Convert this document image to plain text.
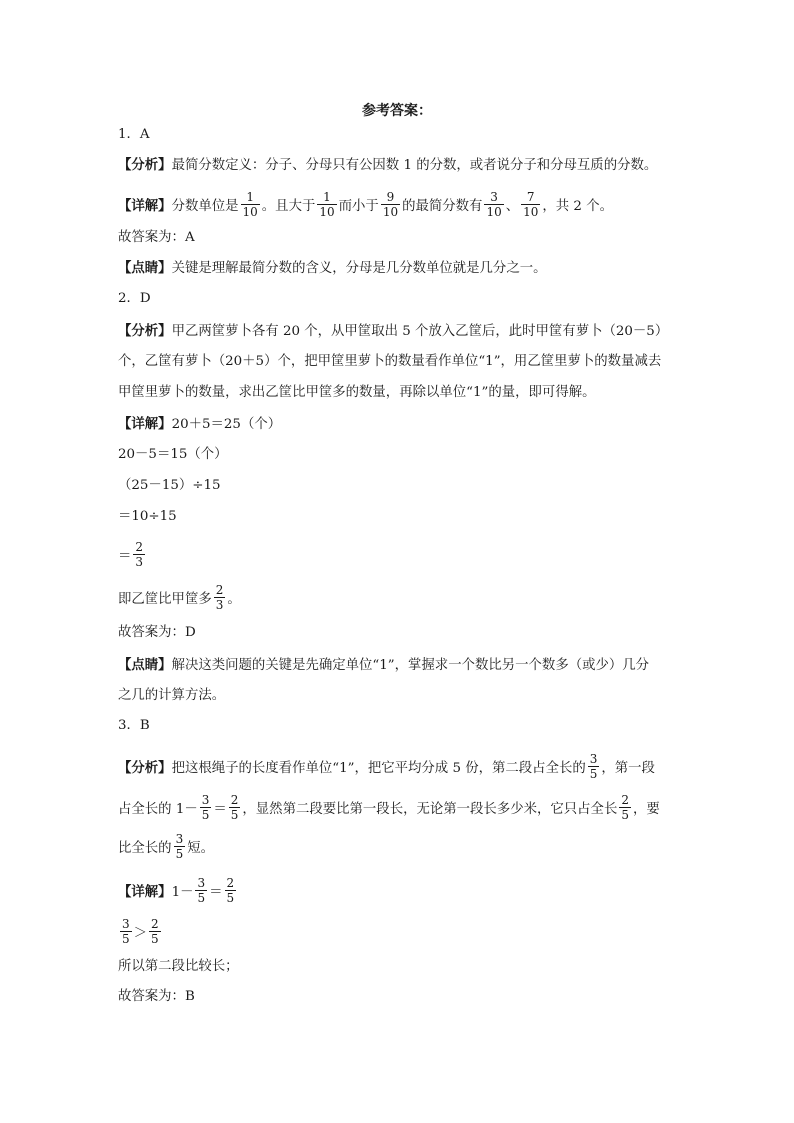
参考答案：
1．A
【分析】最简分数定义：分子、分母只有公因数 1 的分数，或者说分子和分母互质的分数。
【详解】分数单位是 $\frac{1}{10}$ 。且大于 $\frac{1}{10}$ 而小于 $\frac{9}{10}$ 的最简分数有 $\frac{3}{10}$ 、 $\frac{7}{10}$ ，共 2 个。
故答案为：A
【点睛】关键是理解最简分数的含义，分母是几分数单位就是几分之一。
2．D
【分析】甲乙两筐萝卜各有 20 个，从甲筐取出 5 个放入乙筐后，此时甲筐有萝卜（20－5）
个，乙筐有萝卜（20＋5）个，把甲筐里萝卜的数量看作单位“1”，用乙筐里萝卜的数量减去
甲筐里萝卜的数量，求出乙筐比甲筐多的数量，再除以单位“1”的量，即可得解。
【详解】20＋5＝25（个）
20－5＝15（个）
（25－15）÷15
＝10÷15
＝ $\frac{2}{3}$
即乙筐比甲筐多 $\frac{2}{3}$ 。
故答案为：D
【点睛】解决这类问题的关键是先确定单位“1”，掌握求一个数比另一个数多（或少）几分
之几的计算方法。
3．B
【分析】把这根绳子的长度看作单位“1”，把它平均分成 5 份，第二段占全长的 $\frac{3}{5}$ ，第一段
占全长的 $1- \frac{3}{5} = \frac{2}{5}$ ，显然第二段要比第一段长，无论第一段长多少米，它只占全长 $\frac{2}{5}$ ，要
比全长的 $\frac{3}{5}$ 短。
【详解】$1- \frac{3}{5} = \frac{2}{5}$
$\frac{3}{5} > \frac{2}{5}$
所以第二段比较长；
故答案为：B
